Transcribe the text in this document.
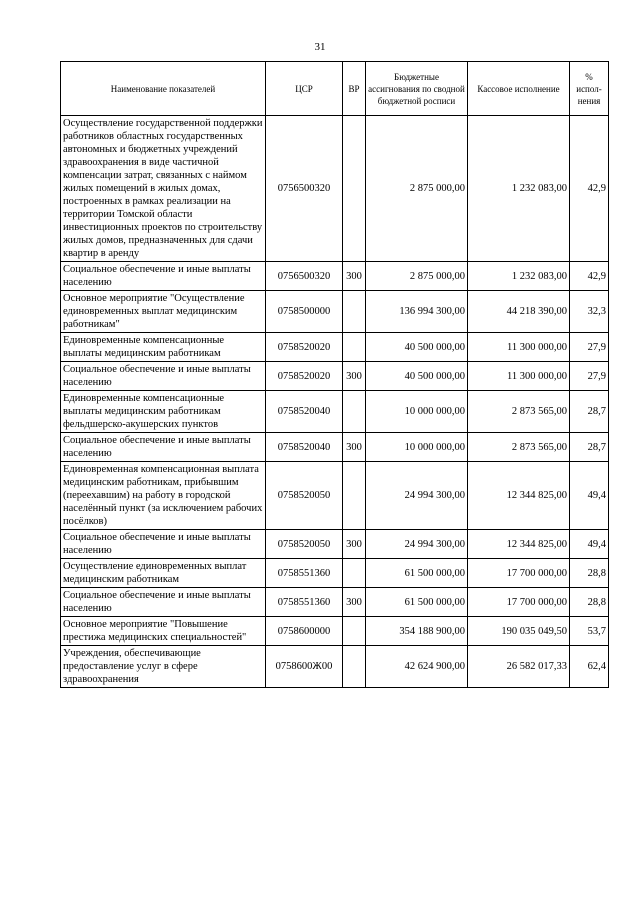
31
Наименование показателей	ЦСР	ВР	Бюджетные ассигнования по сводной бюджетной росписи	Кассовое исполнение	% испол-нения
Осуществление государственной поддержки работников областных государственных автономных и бюджетных учреждений здравоохранения в виде частичной компенсации затрат, связанных с наймом жилых помещений в жилых домах, построенных в рамках реализации на территории Томской области инвестиционных проектов по строительству жилых домов, предназначенных для сдачи квартир в аренду	0756500320		2 875 000,00	1 232 083,00	42,9
Социальное обеспечение и иные выплаты населению	0756500320	300	2 875 000,00	1 232 083,00	42,9
Основное мероприятие "Осуществление единовременных выплат медицинским работникам"	0758500000		136 994 300,00	44 218 390,00	32,3
Единовременные компенсационные выплаты медицинским работникам	0758520020		40 500 000,00	11 300 000,00	27,9
Социальное обеспечение и иные выплаты населению	0758520020	300	40 500 000,00	11 300 000,00	27,9
Единовременные компенсационные выплаты медицинским работникам фельдшерско-акушерских пунктов	0758520040		10 000 000,00	2 873 565,00	28,7
Социальное обеспечение и иные выплаты населению	0758520040	300	10 000 000,00	2 873 565,00	28,7
Единовременная компенсационная выплата медицинским работникам, прибывшим (переехавшим) на работу в городской населённый пункт (за исключением рабочих посёлков)	0758520050		24 994 300,00	12 344 825,00	49,4
Социальное обеспечение и иные выплаты населению	0758520050	300	24 994 300,00	12 344 825,00	49,4
Осуществление единовременных выплат медицинским работникам	0758551360		61 500 000,00	17 700 000,00	28,8
Социальное обеспечение и иные выплаты населению	0758551360	300	61 500 000,00	17 700 000,00	28,8
Основное мероприятие "Повышение престижа медицинских специальностей"	0758600000		354 188 900,00	190 035 049,50	53,7
Учреждения, обеспечивающие предоставление услуг в сфере здравоохранения	0758600Ж00		42 624 900,00	26 582 017,33	62,4
